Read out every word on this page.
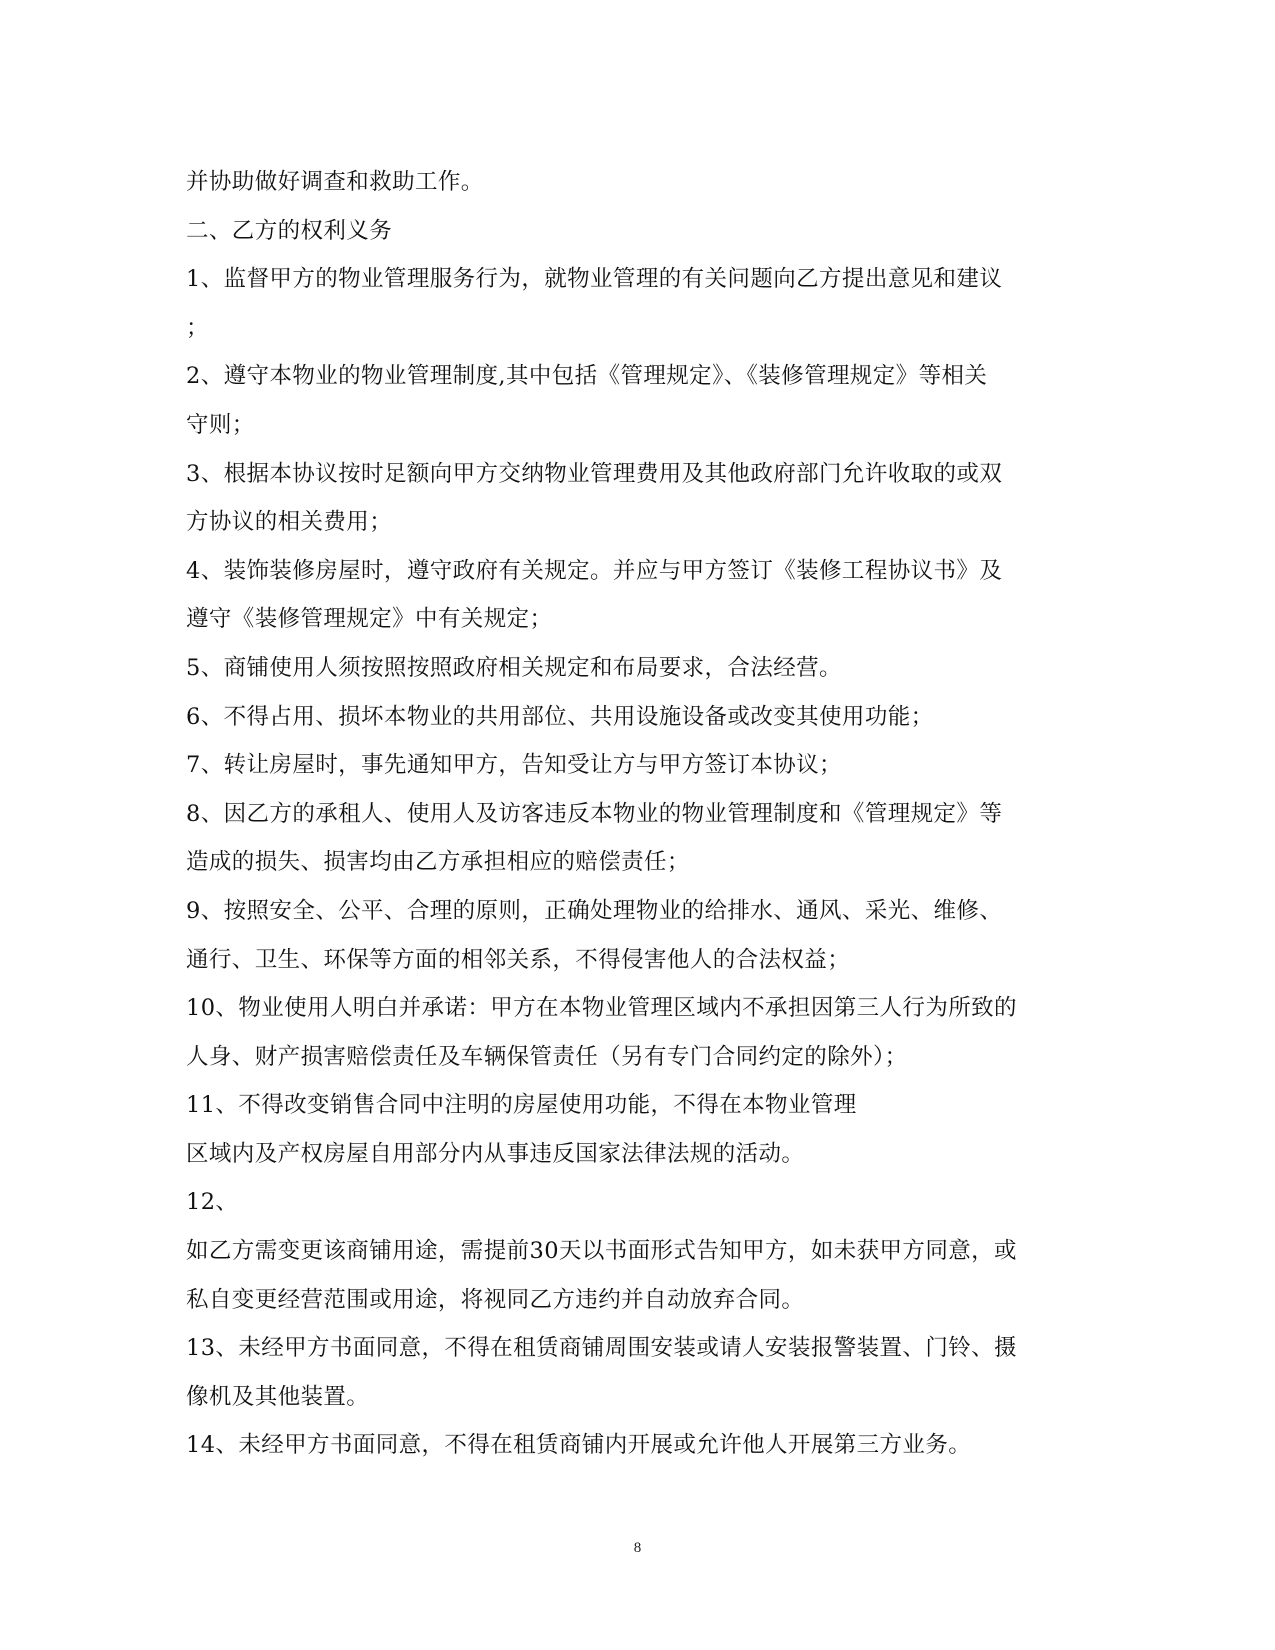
并协助做好调查和救助工作。
二、乙方的权利义务
1、监督甲方的物业管理服务行为，就物业管理的有关问题向乙方提出意见和建议
；
2、遵守本物业的物业管理制度,其中包括《管理规定》、《装修管理规定》等相关
守则；
3、根据本协议按时足额向甲方交纳物业管理费用及其他政府部门允许收取的或双
方协议的相关费用；
4、装饰装修房屋时，遵守政府有关规定。并应与甲方签订《装修工程协议书》及
遵守《装修管理规定》中有关规定；
5、商铺使用人须按照按照政府相关规定和布局要求，合法经营。
6、不得占用、损坏本物业的共用部位、共用设施设备或改变其使用功能；
7、转让房屋时，事先通知甲方，告知受让方与甲方签订本协议；
8、因乙方的承租人、使用人及访客违反本物业的物业管理制度和《管理规定》等
造成的损失、损害均由乙方承担相应的赔偿责任；
9、按照安全、公平、合理的原则，正确处理物业的给排水、通风、采光、维修、
通行、卫生、环保等方面的相邻关系，不得侵害他人的合法权益；
10、物业使用人明白并承诺：甲方在本物业管理区域内不承担因第三人行为所致的
人身、财产损害赔偿责任及车辆保管责任（另有专门合同约定的除外）；
11、不得改变销售合同中注明的房屋使用功能，不得在本物业管理
区域内及产权房屋自用部分内从事违反国家法律法规的活动。
12、
如乙方需变更该商铺用途，需提前30天以书面形式告知甲方，如未获甲方同意，或
私自变更经营范围或用途，将视同乙方违约并自动放弃合同。
13、未经甲方书面同意，不得在租赁商铺周围安装或请人安装报警装置、门铃、摄
像机及其他装置。
14、未经甲方书面同意，不得在租赁商铺内开展或允许他人开展第三方业务。
8
